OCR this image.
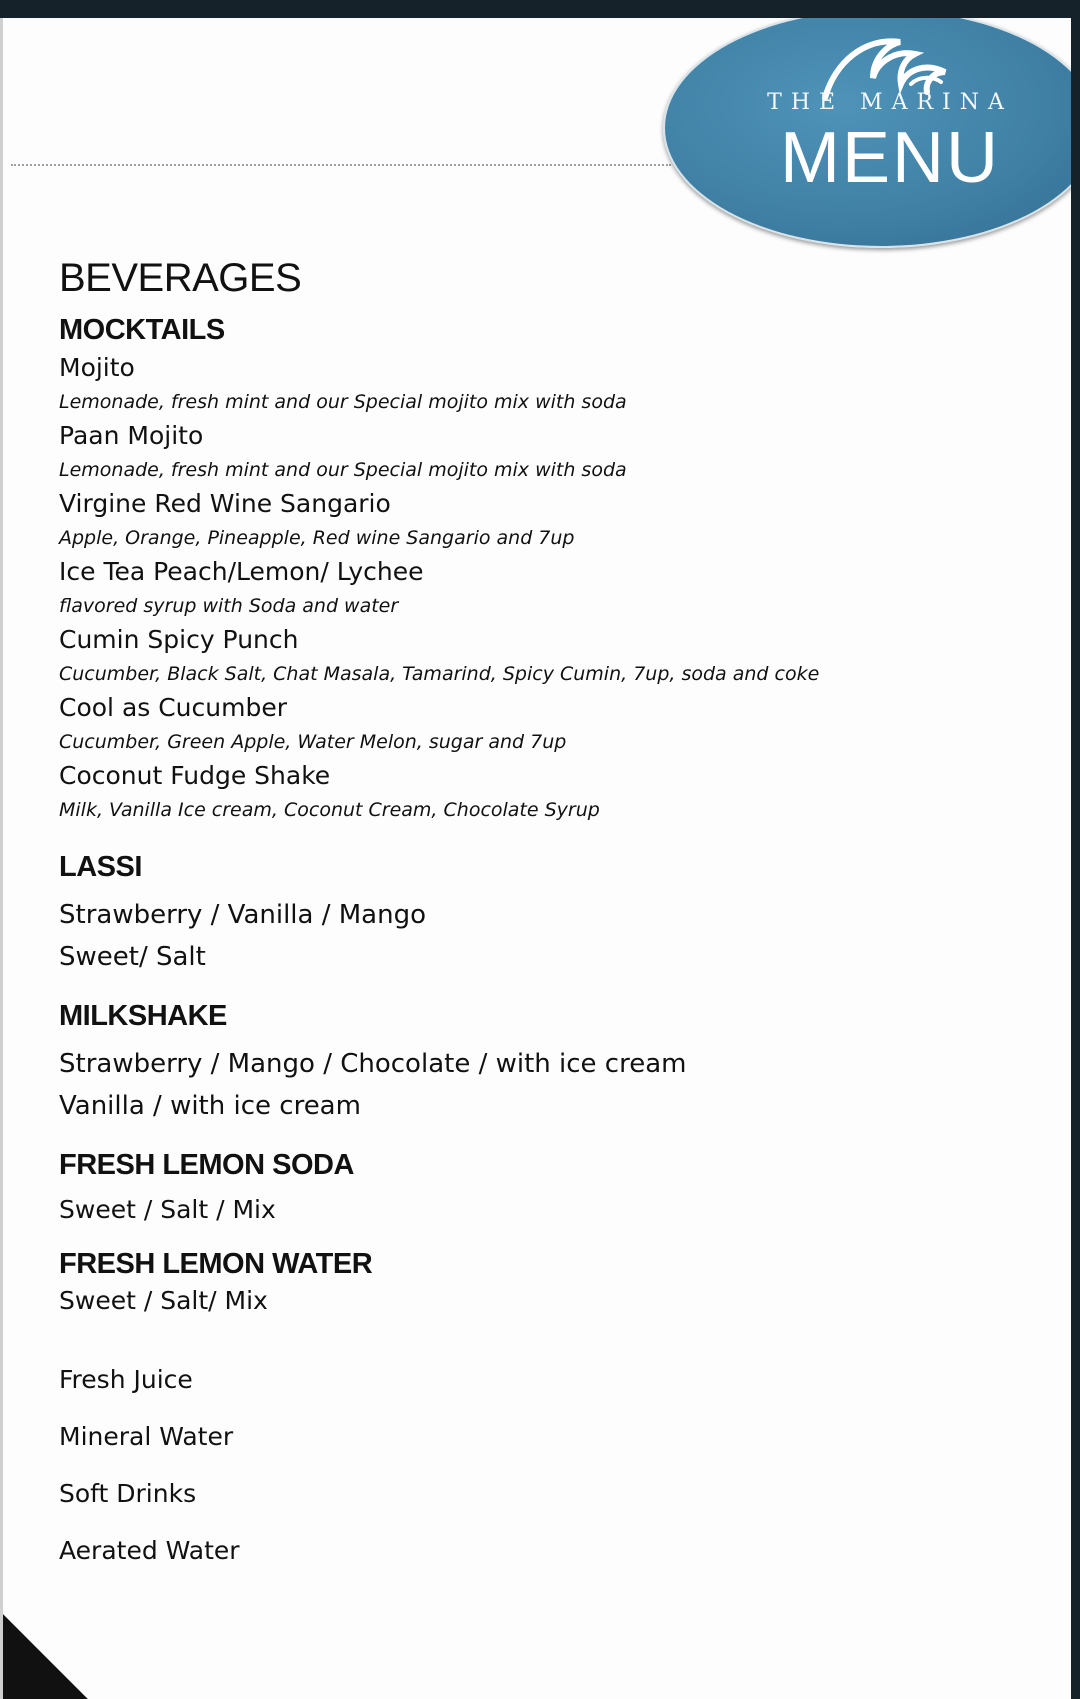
THE MARINA
MENU
BEVERAGES
MOCKTAILS
Mojito
Lemonade, fresh mint and our Special mojito mix with soda
Paan Mojito
Lemonade, fresh mint and our Special mojito mix with soda
Virgine Red Wine Sangario
Apple, Orange, Pineapple, Red wine Sangario and 7up
Ice Tea Peach/Lemon/ Lychee
flavored syrup with Soda and water
Cumin Spicy Punch
Cucumber, Black Salt, Chat Masala, Tamarind, Spicy Cumin, 7up, soda and coke
Cool as Cucumber
Cucumber, Green Apple, Water Melon, sugar and 7up
Coconut Fudge Shake
Milk, Vanilla Ice cream, Coconut Cream, Chocolate Syrup
LASSI
Strawberry / Vanilla / Mango
Sweet/ Salt
MILKSHAKE
Strawberry / Mango / Chocolate / with ice cream
Vanilla / with ice cream
FRESH LEMON SODA
Sweet / Salt / Mix
FRESH LEMON WATER
Sweet / Salt/ Mix
Fresh Juice
Mineral Water
Soft Drinks
Aerated Water
